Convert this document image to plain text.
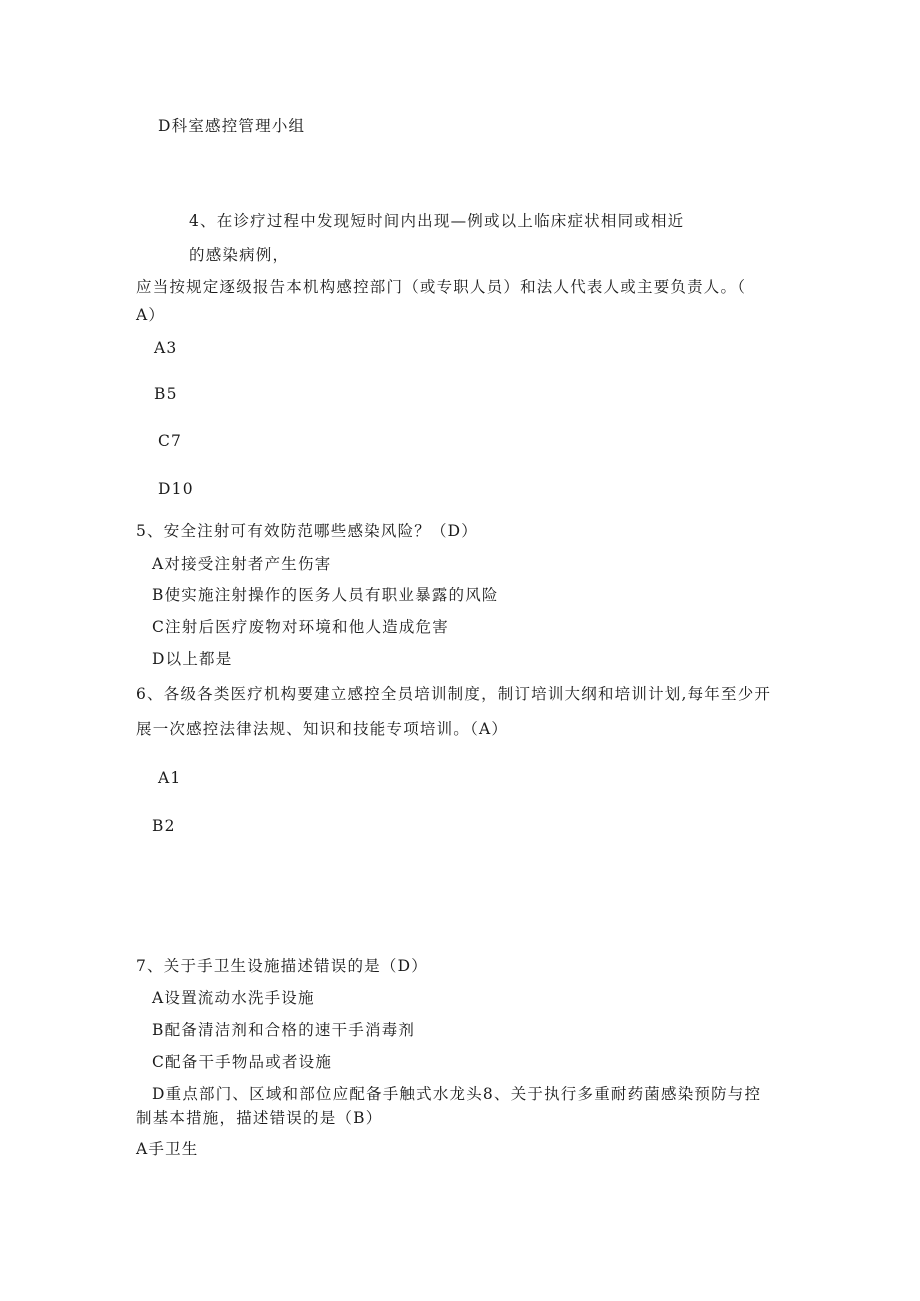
D科室感控管理小组
4、在诊疗过程中发现短时间内出现—例或以上临床症状相同或相近
的感染病例，
应当按规定逐级报告本机构感控部门（或专职人员）和法人代表人或主要负责人。（
A）
A3
B5
C7
D10
5、安全注射可有效防范哪些感染风险？（D）
A对接受注射者产生伤害
B使实施注射操作的医务人员有职业暴露的风险
C注射后医疗废物对环境和他人造成危害
D以上都是
6、各级各类医疗机构要建立感控全员培训制度，制订培训大纲和培训计划,每年至少开
展一次感控法律法规、知识和技能专项培训。（A）
A1
B2
7、关于手卫生设施描述错误的是（D）
A设置流动水洗手设施
B配备清洁剂和合格的速干手消毒剂
C配备干手物品或者设施
D重点部门、区域和部位应配备手触式水龙头8、关于执行多重耐药菌感染预防与控
制基本措施，描述错误的是（B）
A手卫生
